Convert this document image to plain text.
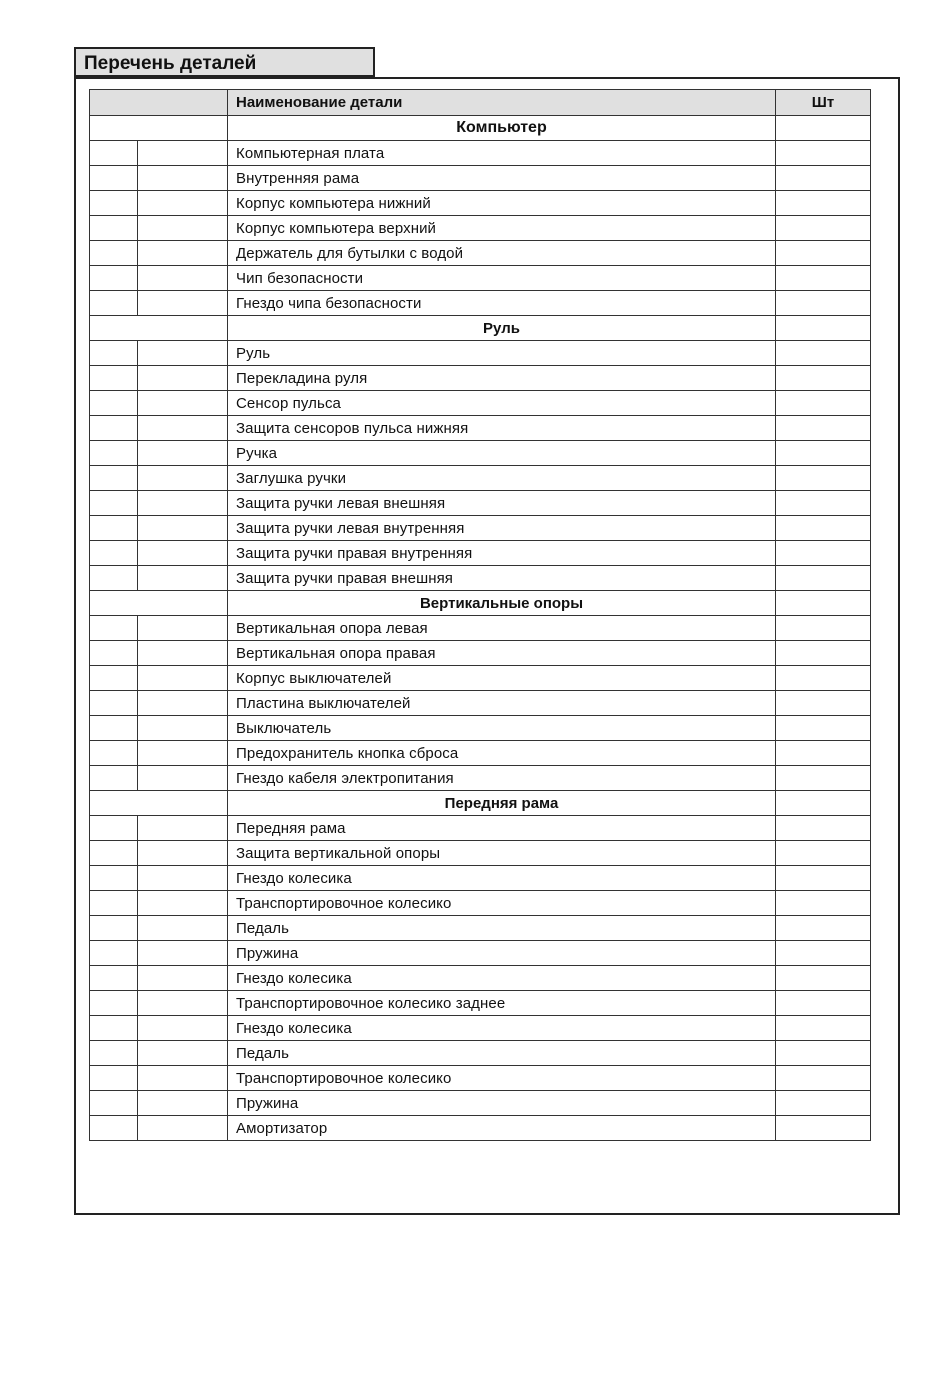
Перечень деталей
		Наименование детали	Шт
		Компьютер	
		Компьютерная плата	
		Внутренняя рама	
		Корпус компьютера нижний	
		Корпус компьютера верхний	
		Держатель для бутылки с водой	
		Чип безопасности	
		Гнездо чипа безопасности	
		Руль	
		Руль	
		Перекладина руля	
		Сенсор пульса	
		Защита сенсоров пульса нижняя	
		Ручка	
		Заглушка ручки	
		Защита ручки левая внешняя	
		Защита ручки левая внутренняя	
		Защита ручки правая внутренняя	
		Защита ручки правая внешняя	
		Вертикальные опоры	
		Вертикальная опора левая	
		Вертикальная опора правая	
		Корпус выключателей	
		Пластина выключателей	
		Выключатель	
		Предохранитель кнопка сброса	
		Гнездо кабеля электропитания	
		Передняя рама	
		Передняя рама	
		Защита вертикальной опоры	
		Гнездо колесика	
		Транспортировочное колесико	
		Педаль	
		Пружина	
		Гнездо колесика	
		Транспортировочное колесико заднее	
		Гнездо колесика	
		Педаль	
		Транспортировочное колесико	
		Пружина	
		Амортизатор	
